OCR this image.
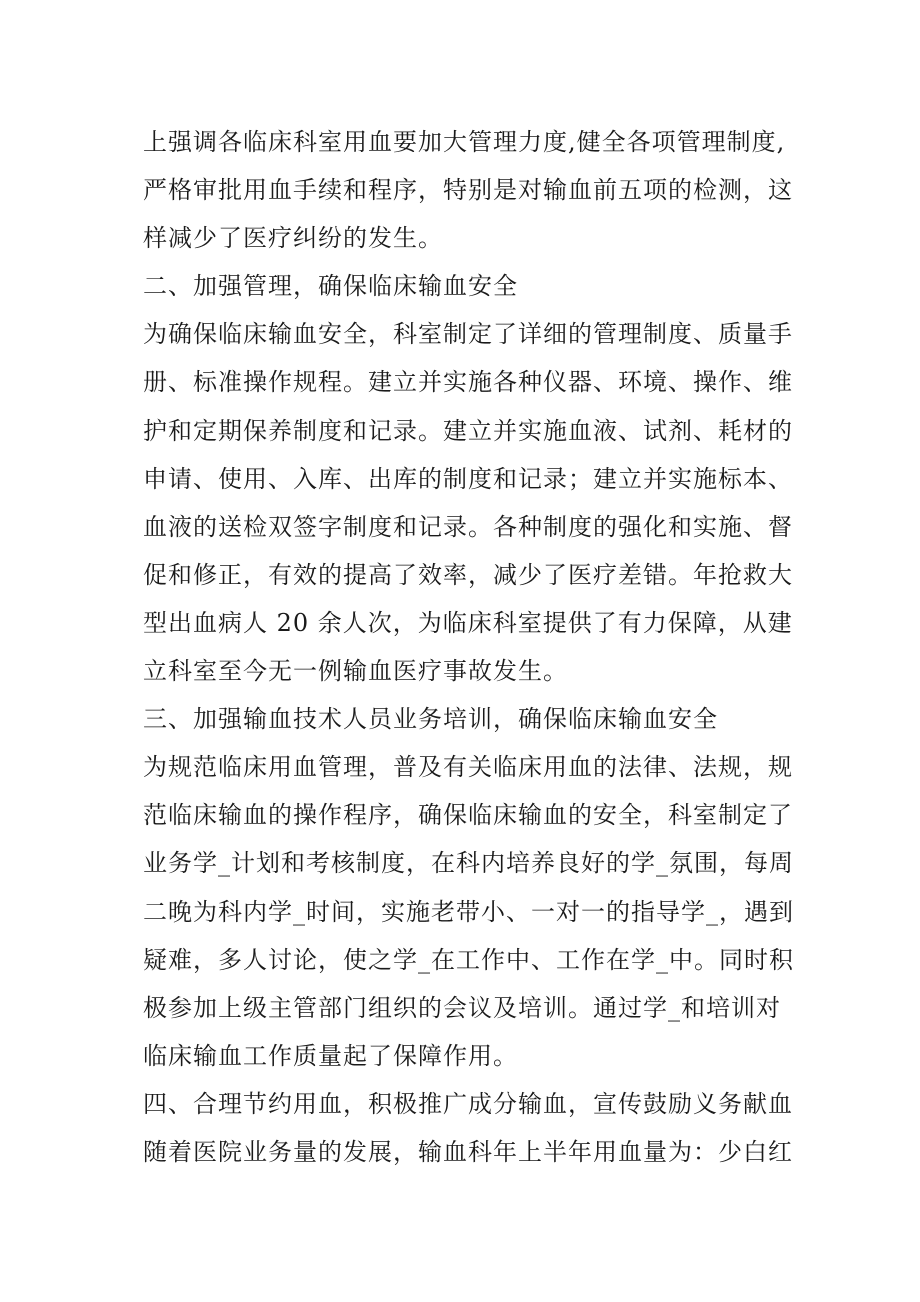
上强调各临床科室用血要加大管理力度,健全各项管理制度,
严格审批用血手续和程序，特别是对输血前五项的检测，这
样减少了医疗纠纷的发生。
二、加强管理，确保临床输血安全
为确保临床输血安全，科室制定了详细的管理制度、质量手
册、标准操作规程。建立并实施各种仪器、环境、操作、维
护和定期保养制度和记录。建立并实施血液、试剂、耗材的
申请、使用、入库、出库的制度和记录；建立并实施标本、
血液的送检双签字制度和记录。各种制度的强化和实施、督
促和修正，有效的提高了效率，减少了医疗差错。年抢救大
型出血病人 20 余人次，为临床科室提供了有力保障，从建
立科室至今无一例输血医疗事故发生。
三、加强输血技术人员业务培训，确保临床输血安全
为规范临床用血管理，普及有关临床用血的法律、法规，规
范临床输血的操作程序，确保临床输血的安全，科室制定了
业务学_计划和考核制度，在科内培养良好的学_氛围，每周
二晚为科内学_时间，实施老带小、一对一的指导学_，遇到
疑难，多人讨论，使之学_在工作中、工作在学_中。同时积
极参加上级主管部门组织的会议及培训。通过学_和培训对
临床输血工作质量起了保障作用。
四、合理节约用血，积极推广成分输血，宣传鼓励义务献血
随着医院业务量的发展，输血科年上半年用血量为：少白红
